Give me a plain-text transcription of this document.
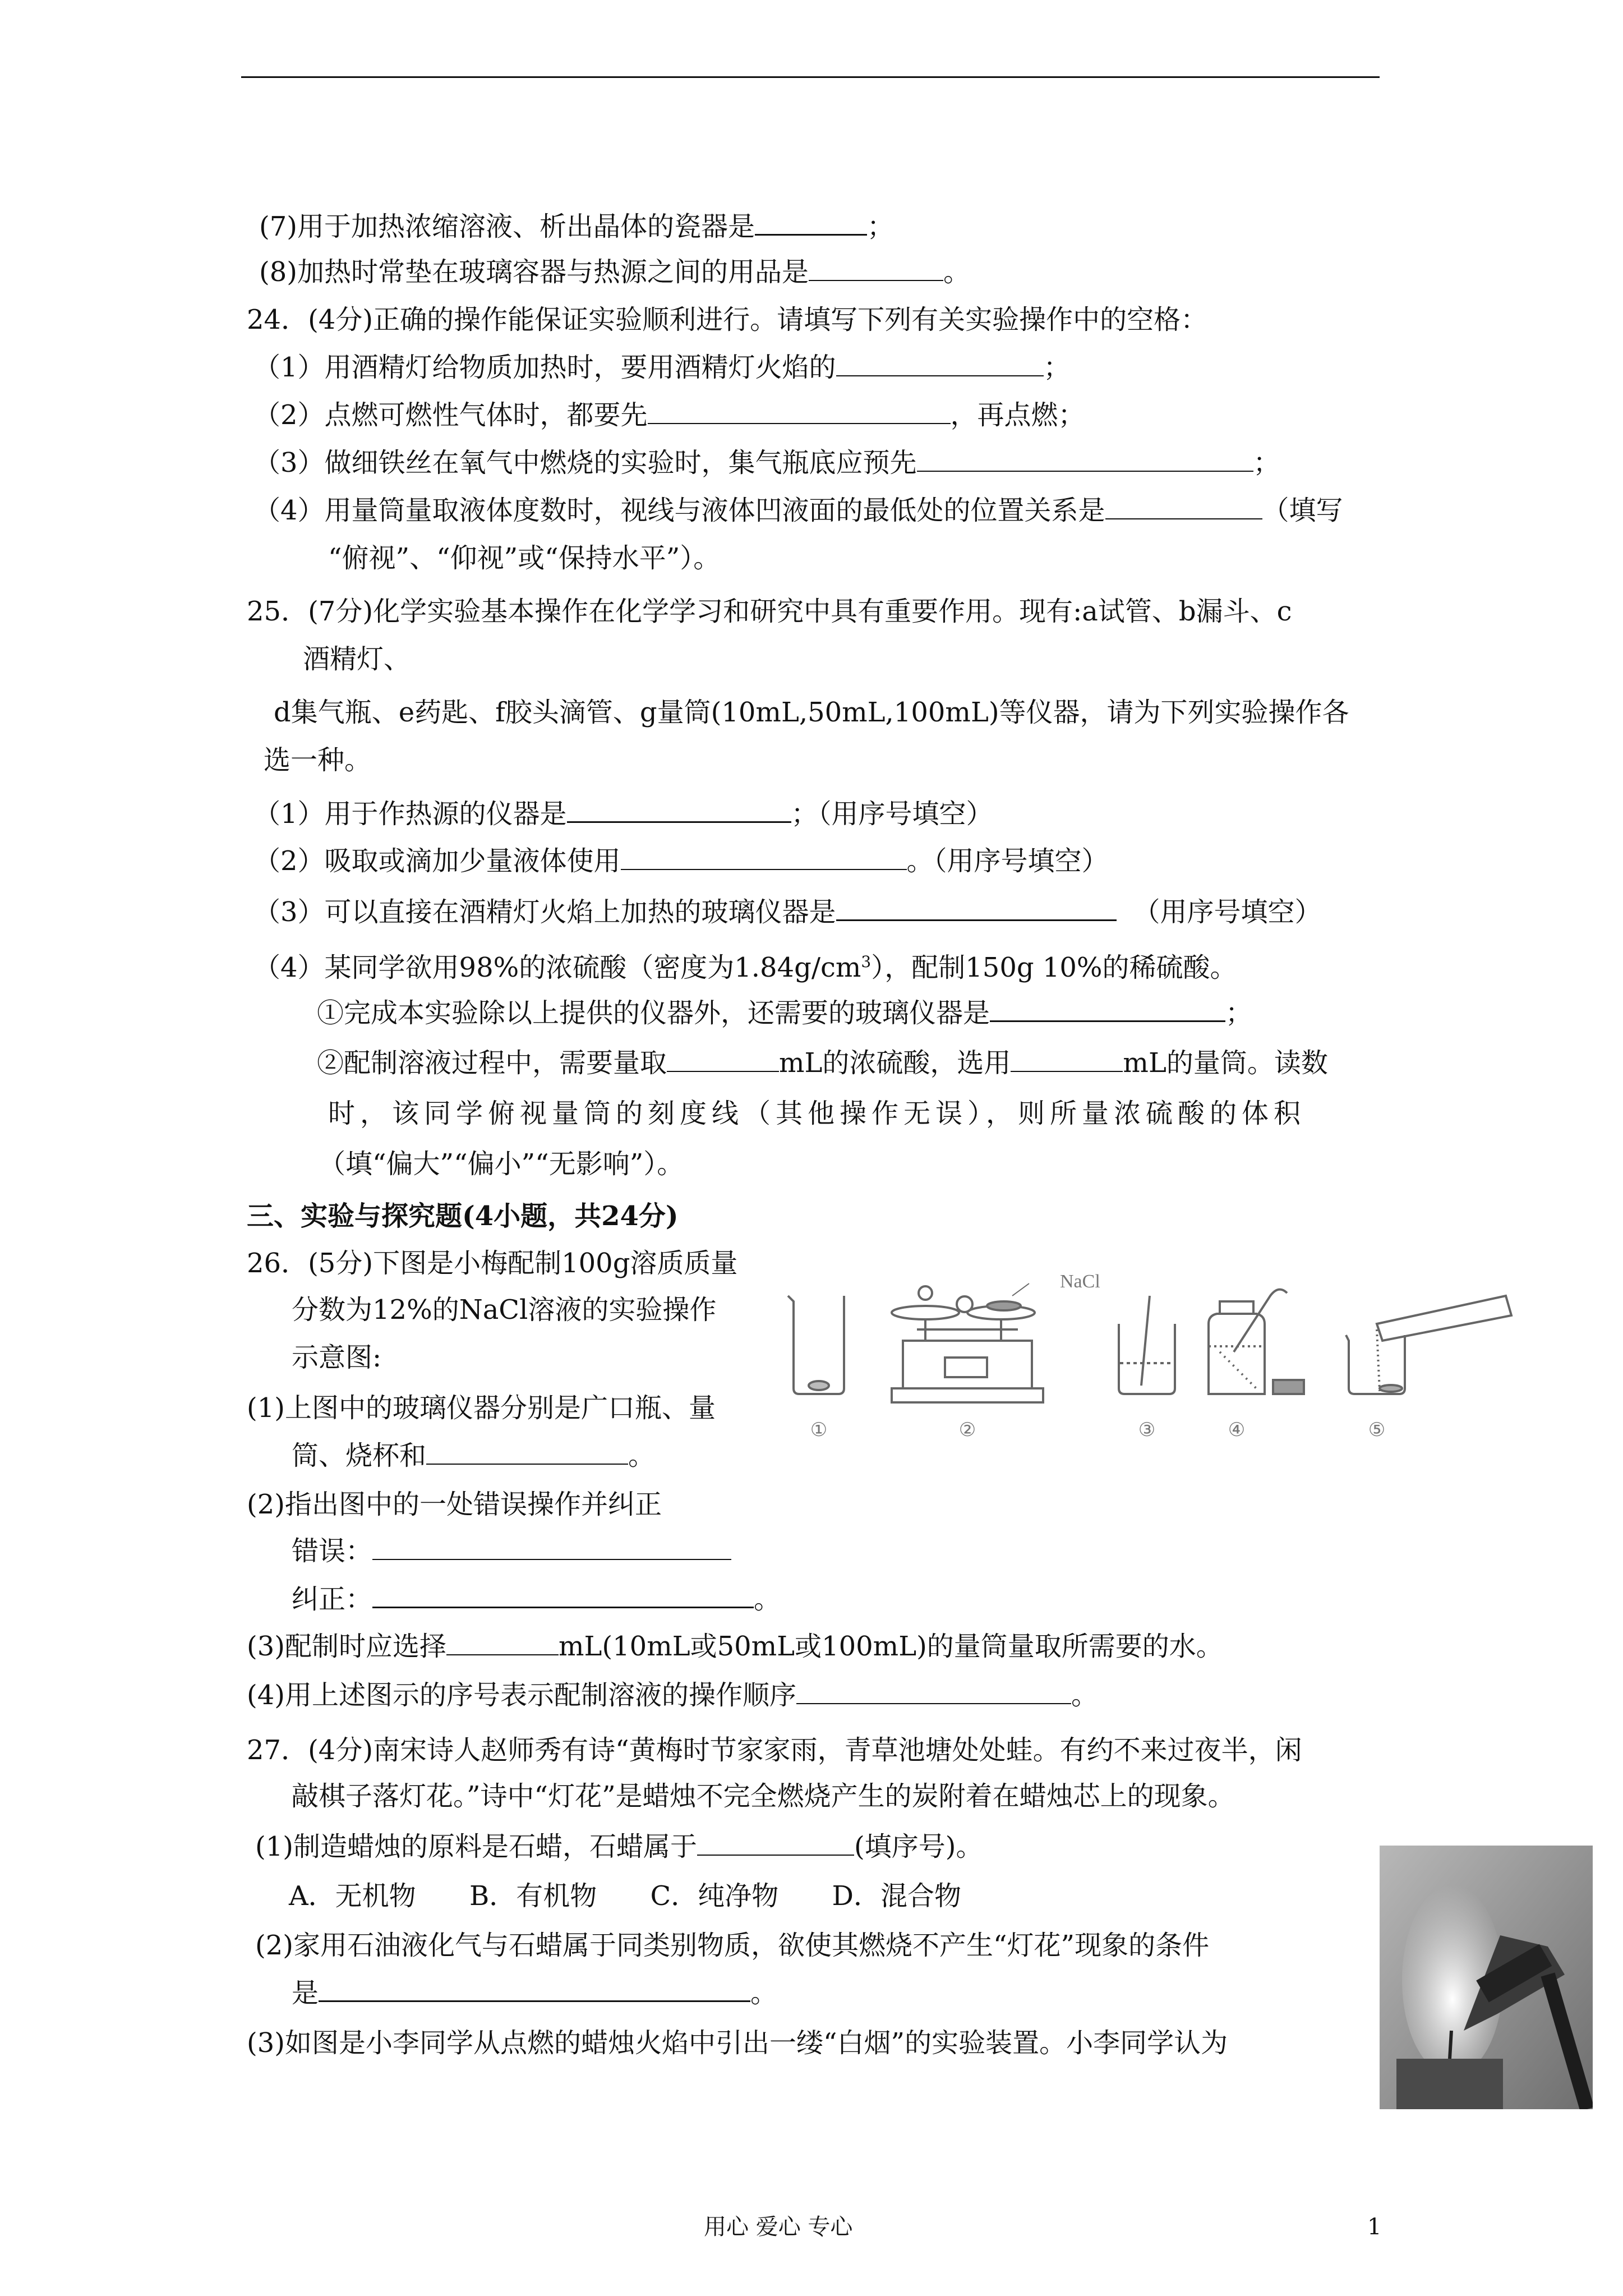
(7)用于加热浓缩溶液、析出晶体的瓷器是	；
(8)加热时常垫在玻璃容器与热源之间的用品是	。
24．(4分)正确的操作能保证实验顺利进行。请填写下列有关实验操作中的空格：
（1）用酒精灯给物质加热时，要用酒精灯火焰的	；
（2）点燃可燃性气体时，都要先	，再点燃；
（3）做细铁丝在氧气中燃烧的实验时，集气瓶底应预先	；
（4）用量筒量取液体度数时，视线与液体凹液面的最低处的位置关系是	（填写
“俯视”、“仰视”或“保持水平”）。
25．(7分)化学实验基本操作在化学学习和研究中具有重要作用。现有:a试管、b漏斗、c
酒精灯、
d集气瓶、e药匙、f胶头滴管、g量筒(10mL,50mL,100mL)等仪器，请为下列实验操作各
选一种。
（1）用于作热源的仪器是	；（用序号填空）
（2）吸取或滴加少量液体使用	。（用序号填空）
（3）可以直接在酒精灯火焰上加热的玻璃仪器是	（用序号填空）
（4）某同学欲用98%的浓硫酸（密度为$1.84g/cm^3$），配制150g 10%的稀硫酸。
①完成本实验除以上提供的仪器外，还需要的玻璃仪器是	；
②配制溶液过程中，需要量取	mL的浓硫酸，选用	mL的量筒。读数
时，该同学俯视量筒的刻度线（其他操作无误），则所量浓硫酸的体积
（填“偏大”“偏小”“无影响”）。
三、实验与探究题(4小题，共24分)
26．(5分)下图是小梅配制100g溶质质量
分数为12%的NaCl溶液的实验操作
示意图:
(1)上图中的玻璃仪器分别是广口瓶、量
筒、烧杯和	。
(2)指出图中的一处错误操作并纠正
错误：
纠正：	。
(3)配制时应选择	mL(10mL或50mL或100mL)的量筒量取所需要的水。
(4)用上述图示的序号表示配制溶液的操作顺序	。
NaCl
①	②	③	④	⑤
27．(4分)南宋诗人赵师秀有诗“黄梅时节家家雨，青草池塘处处蛙。有约不来过夜半，闲
敲棋子落灯花。”诗中“灯花”是蜡烛不完全燃烧产生的炭附着在蜡烛芯上的现象。
(1)制造蜡烛的原料是石蜡，石蜡属于	(填序号)。
A．无机物 B．有机物 C．纯净物 D．混合物
(2)家用石油液化气与石蜡属于同类别物质，欲使其燃烧不产生“灯花”现象的条件
是	。
(3)如图是小李同学从点燃的蜡烛火焰中引出一缕“白烟”的实验装置。小李同学认为
用心 爱心 专心	1
